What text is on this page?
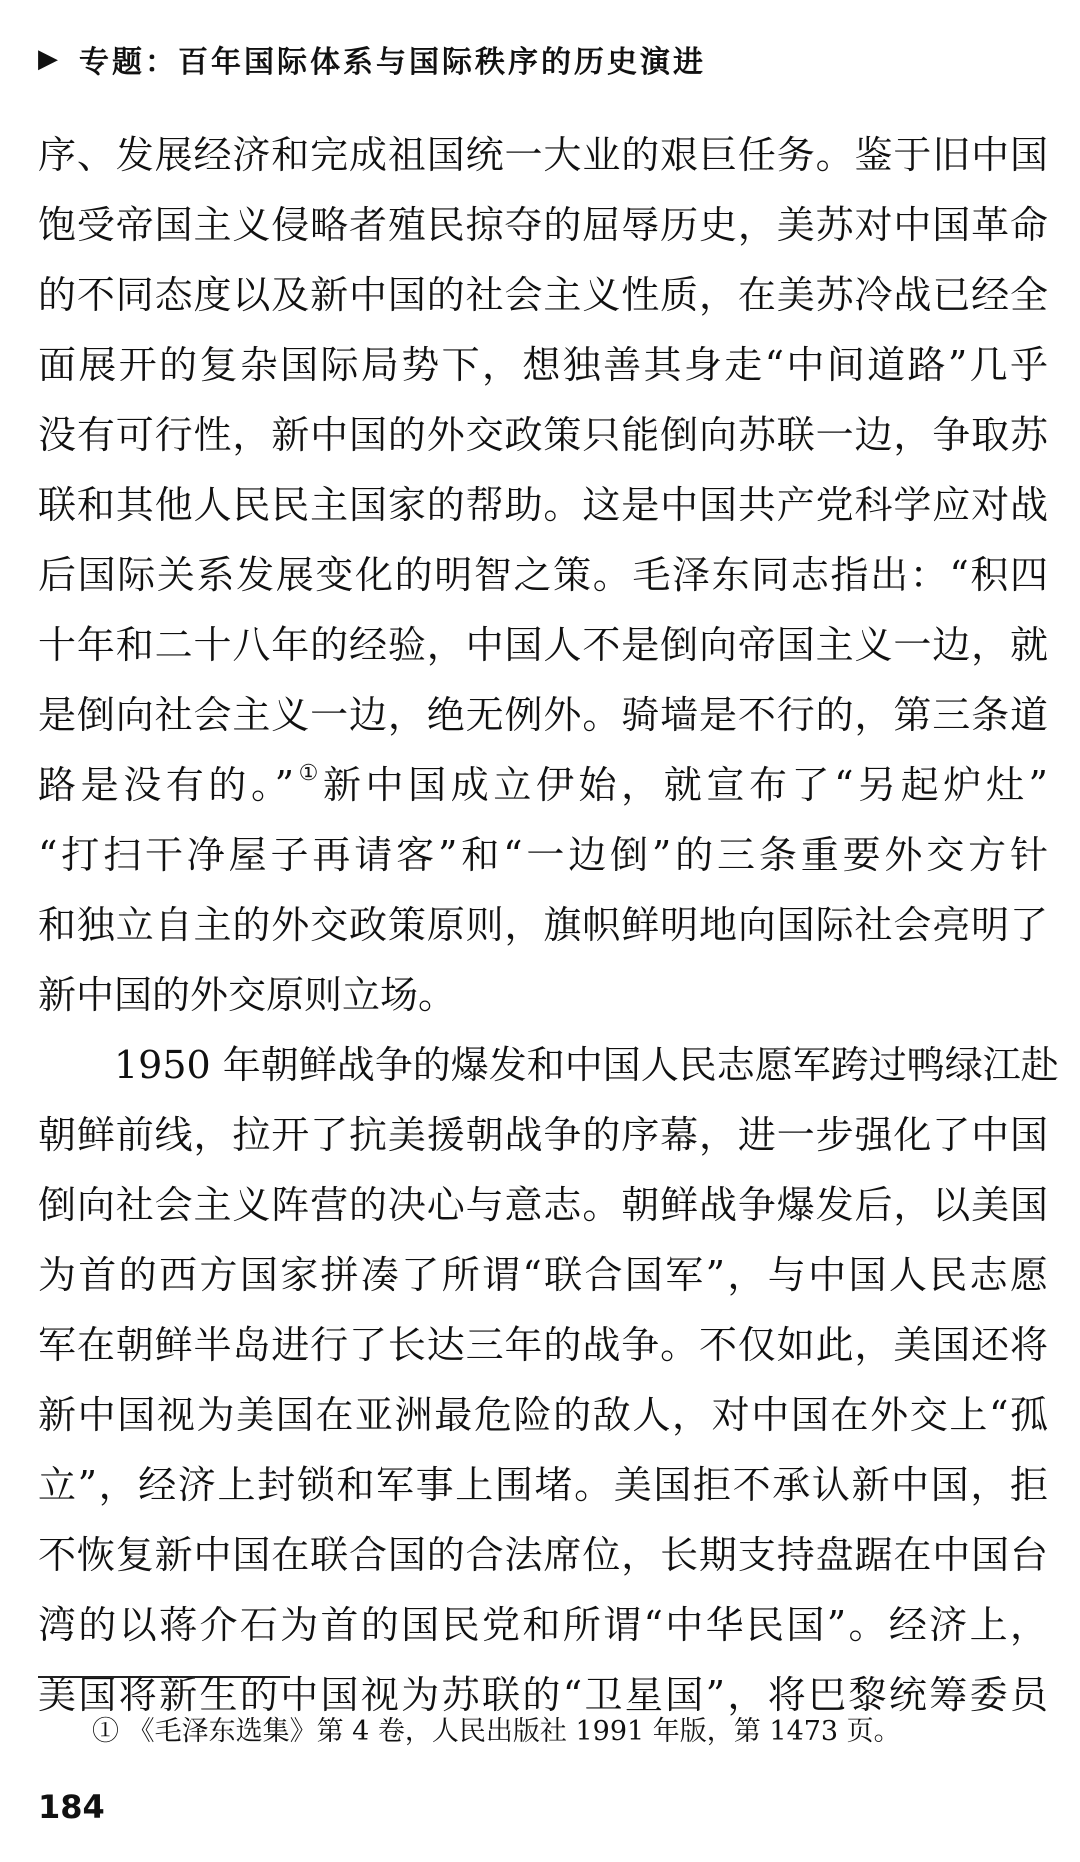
▶ 专题：百年国际体系与国际秩序的历史演进
序、发展经济和完成祖国统一大业的艰巨任务。鉴于旧中国
饱受帝国主义侵略者殖民掠夺的屈辱历史，美苏对中国革命
的不同态度以及新中国的社会主义性质，在美苏冷战已经全
面展开的复杂国际局势下，想独善其身走“中间道路”几乎
没有可行性，新中国的外交政策只能倒向苏联一边，争取苏
联和其他人民民主国家的帮助。这是中国共产党科学应对战
后国际关系发展变化的明智之策。毛泽东同志指出：“积四
十年和二十八年的经验，中国人不是倒向帝国主义一边，就
是倒向社会主义一边，绝无例外。骑墙是不行的，第三条道
路是没有的。”①新中国成立伊始，就宣布了“另起炉灶”
“打扫干净屋子再请客”和“一边倒”的三条重要外交方针
和独立自主的外交政策原则，旗帜鲜明地向国际社会亮明了
新中国的外交原则立场。
1950 年朝鲜战争的爆发和中国人民志愿军跨过鸭绿江赴
朝鲜前线，拉开了抗美援朝战争的序幕，进一步强化了中国
倒向社会主义阵营的决心与意志。朝鲜战争爆发后，以美国
为首的西方国家拼凑了所谓“联合国军”，与中国人民志愿
军在朝鲜半岛进行了长达三年的战争。不仅如此，美国还将
新中国视为美国在亚洲最危险的敌人，对中国在外交上“孤
立”，经济上封锁和军事上围堵。美国拒不承认新中国，拒
不恢复新中国在联合国的合法席位，长期支持盘踞在中国台
湾的以蒋介石为首的国民党和所谓“中华民国”。经济上，
美国将新生的中国视为苏联的“卫星国”，将巴黎统筹委员
① 《毛泽东选集》第 4 卷，人民出版社 1991 年版，第 1473 页。
184
